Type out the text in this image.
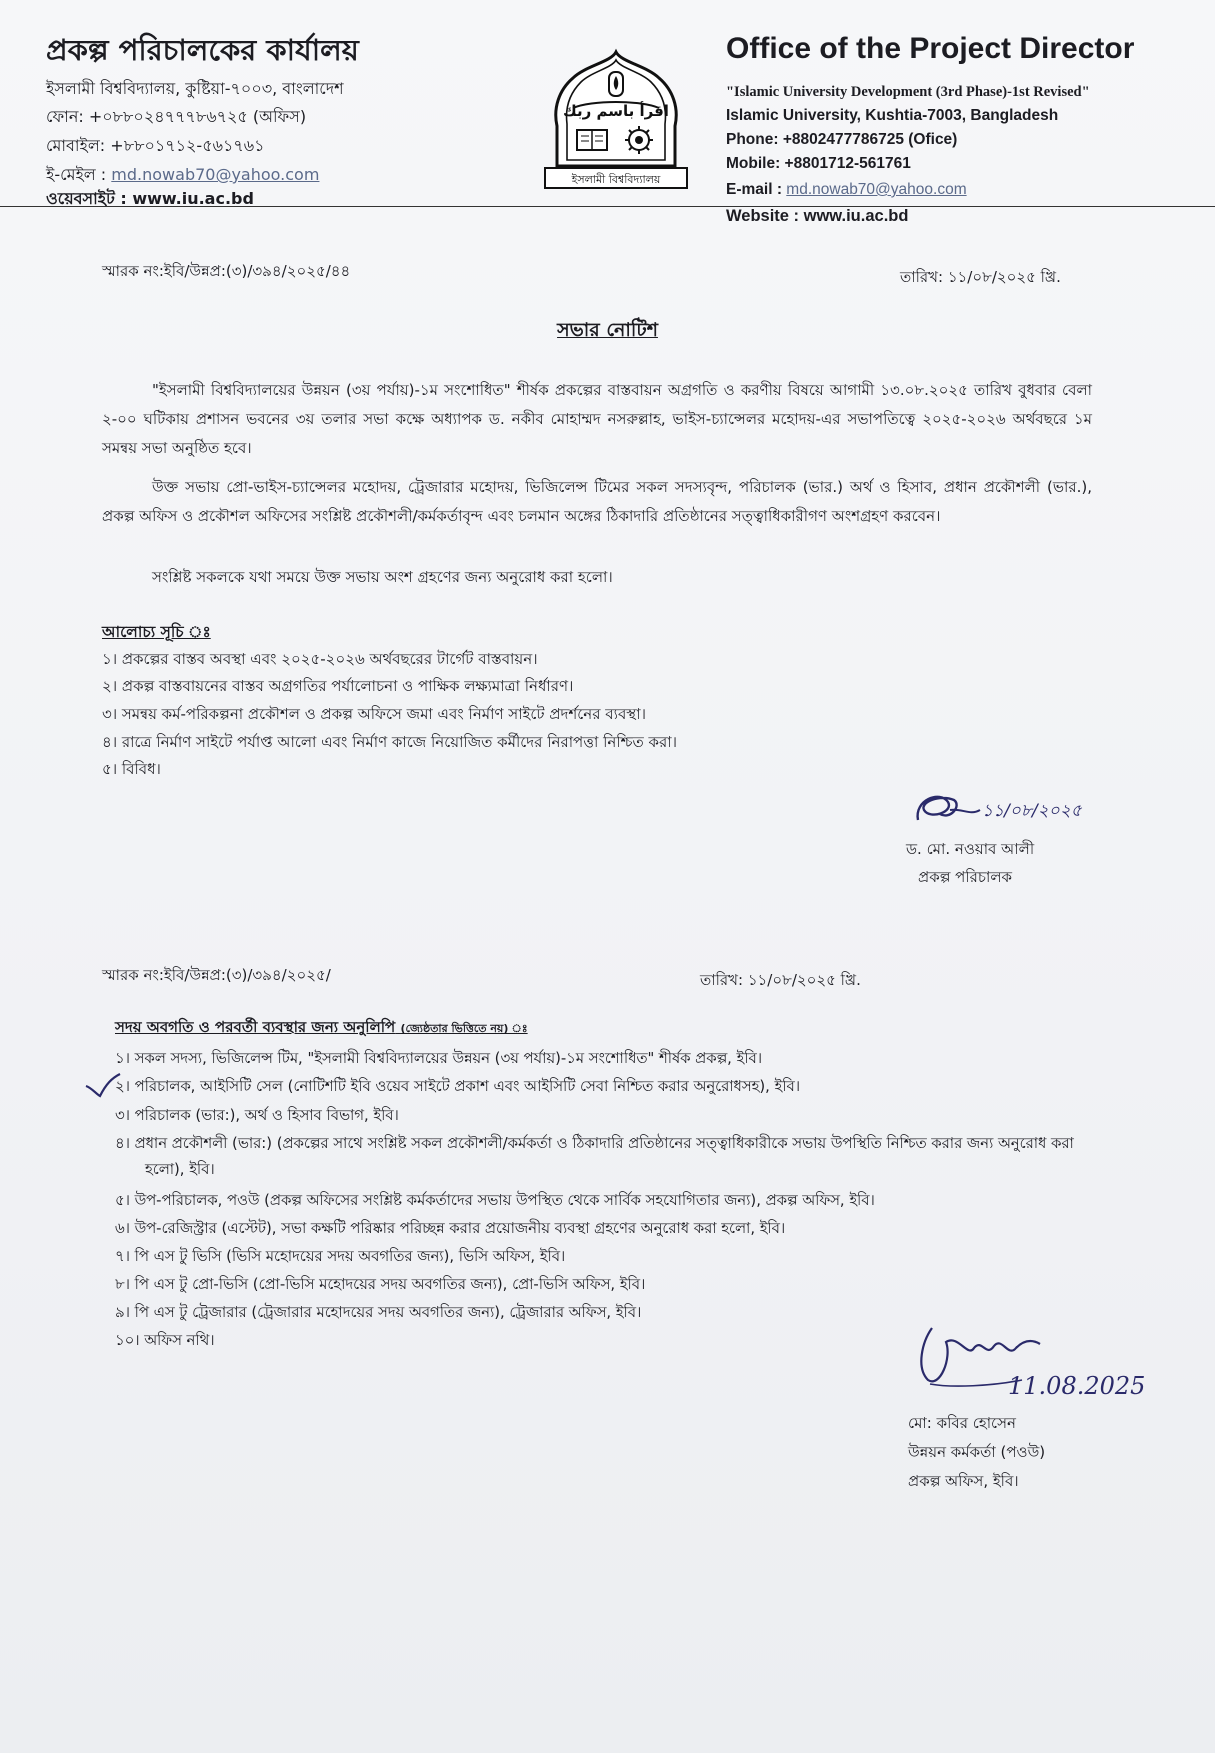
প্রকল্প পরিচালকের কার্যালয়
ইসলামী বিশ্ববিদ্যালয়, কুষ্টিয়া-৭০০৩, বাংলাদেশ
ফোন: +০৮৮০২৪৭৭৭৮৬৭২৫ (অফিস)
মোবাইল: +৮৮০১৭১২-৫৬১৭৬১
ই-মেইল : md.nowab70@yahoo.com
ওয়েবসাইট : www.iu.ac.bd
اقرأ باسم ربك
ইসলামী বিশ্ববিদ্যালয়
Office of the Project Director
"Islamic University Development (3rd Phase)-1st Revised"
Islamic University, Kushtia-7003, Bangladesh
Phone: +8802477786725 (Ofice)
Mobile: +8801712-561761
E-mail : md.nowab70@yahoo.com
Website : www.iu.ac.bd
স্মারক নং:ইবি/উন্নপ্র:(৩)/৩৯৪/২০২৫/৪৪	তারিখ: ১১/০৮/২০২৫ খ্রি.
সভার নোটিশ
"ইসলামী বিশ্ববিদ্যালয়ের উন্নয়ন (৩য় পর্যায়)-১ম সংশোধিত" শীর্ষক প্রকল্পের বাস্তবায়ন অগ্রগতি ও করণীয় বিষয়ে আগামী ১৩.০৮.২০২৫ তারিখ বুধবার বেলা ২-০০ ঘটিকায় প্রশাসন ভবনের ৩য় তলার সভা কক্ষে অধ্যাপক ড. নকীব মোহাম্মদ নসরুল্লাহ, ভাইস-চ্যান্সেলর মহোদয়-এর সভাপতিত্বে ২০২৫-২০২৬ অর্থবছরে ১ম সমন্বয় সভা অনুষ্ঠিত হবে।
উক্ত সভায় প্রো-ভাইস-চ্যান্সেলর মহোদয়, ট্রেজারার মহোদয়, ভিজিলেন্স টিমের সকল সদস্যবৃন্দ, পরিচালক (ভার.) অর্থ ও হিসাব, প্রধান প্রকৌশলী (ভার.), প্রকল্প অফিস ও প্রকৌশল অফিসের সংশ্লিষ্ট প্রকৌশলী/কর্মকর্তাবৃন্দ এবং চলমান অঙ্গের ঠিকাদারি প্রতিষ্ঠানের সত্ত্বাধিকারীগণ অংশগ্রহণ করবেন।
সংশ্লিষ্ট সকলকে যথা সময়ে উক্ত সভায় অংশ গ্রহণের জন্য অনুরোধ করা হলো।
আলোচ্য সূচি ঃ
১। প্রকল্পের বাস্তব অবস্থা এবং ২০২৫-২০২৬ অর্থবছরের টার্গেট বাস্তবায়ন।
২। প্রকল্প বাস্তবায়নের বাস্তব অগ্রগতির পর্যালোচনা ও পাক্ষিক লক্ষ্যমাত্রা নির্ধারণ।
৩। সমন্বয় কর্ম-পরিকল্পনা প্রকৌশল ও প্রকল্প অফিসে জমা এবং নির্মাণ সাইটে প্রদর্শনের ব্যবস্থা।
৪। রাত্রে নির্মাণ সাইটে পর্যাপ্ত আলো এবং নির্মাণ কাজে নিয়োজিত কর্মীদের নিরাপত্তা নিশ্চিত করা।
৫। বিবিধ।
১১/০৮/২০২৫
ড. মো. নওয়াব আলী
প্রকল্প পরিচালক
স্মারক নং:ইবি/উন্নপ্র:(৩)/৩৯৪/২০২৫/	তারিখ: ১১/০৮/২০২৫ খ্রি.
সদয় অবগতি ও পরবর্তী ব্যবস্থার জন্য অনুলিপি (জ্যেষ্ঠতার ভিত্তিতে নয়) ঃ
১। সকল সদস্য, ভিজিলেন্স টিম, "ইসলামী বিশ্ববিদ্যালয়ের উন্নয়ন (৩য় পর্যায়)-১ম সংশোধিত" শীর্ষক প্রকল্প, ইবি।
২। পরিচালক, আইসিটি সেল (নোটিশটি ইবি ওয়েব সাইটে প্রকাশ এবং আইসিটি সেবা নিশ্চিত করার অনুরোধসহ), ইবি।
৩। পরিচালক (ভার:), অর্থ ও হিসাব বিভাগ, ইবি।
৪। প্রধান প্রকৌশলী (ভার:) (প্রকল্পের সাথে সংশ্লিষ্ট সকল প্রকৌশলী/কর্মকর্তা ও ঠিকাদারি প্রতিষ্ঠানের সত্ত্বাধিকারীকে সভায় উপস্থিতি নিশ্চিত করার জন্য অনুরোধ করা হলো), ইবি।
৫। উপ-পরিচালক, পওউ (প্রকল্প অফিসের সংশ্লিষ্ট কর্মকর্তাদের সভায় উপস্থিত থেকে সার্বিক সহযোগিতার জন্য), প্রকল্প অফিস, ইবি।
৬। উপ-রেজিস্ট্রার (এস্টেট), সভা কক্ষটি পরিষ্কার পরিচ্ছন্ন করার প্রয়োজনীয় ব্যবস্থা গ্রহণের অনুরোধ করা হলো, ইবি।
৭। পি এস টু ভিসি (ভিসি মহোদয়ের সদয় অবগতির জন্য), ভিসি অফিস, ইবি।
৮। পি এস টু প্রো-ভিসি (প্রো-ভিসি মহোদয়ের সদয় অবগতির জন্য), প্রো-ভিসি অফিস, ইবি।
৯। পি এস টু ট্রেজারার (ট্রেজারার মহোদয়ের সদয় অবগতির জন্য), ট্রেজারার অফিস, ইবি।
১০। অফিস নথি।
11.08.2025
মো: কবির হোসেন
উন্নয়ন কর্মকর্তা (পওউ)
প্রকল্প অফিস, ইবি।
